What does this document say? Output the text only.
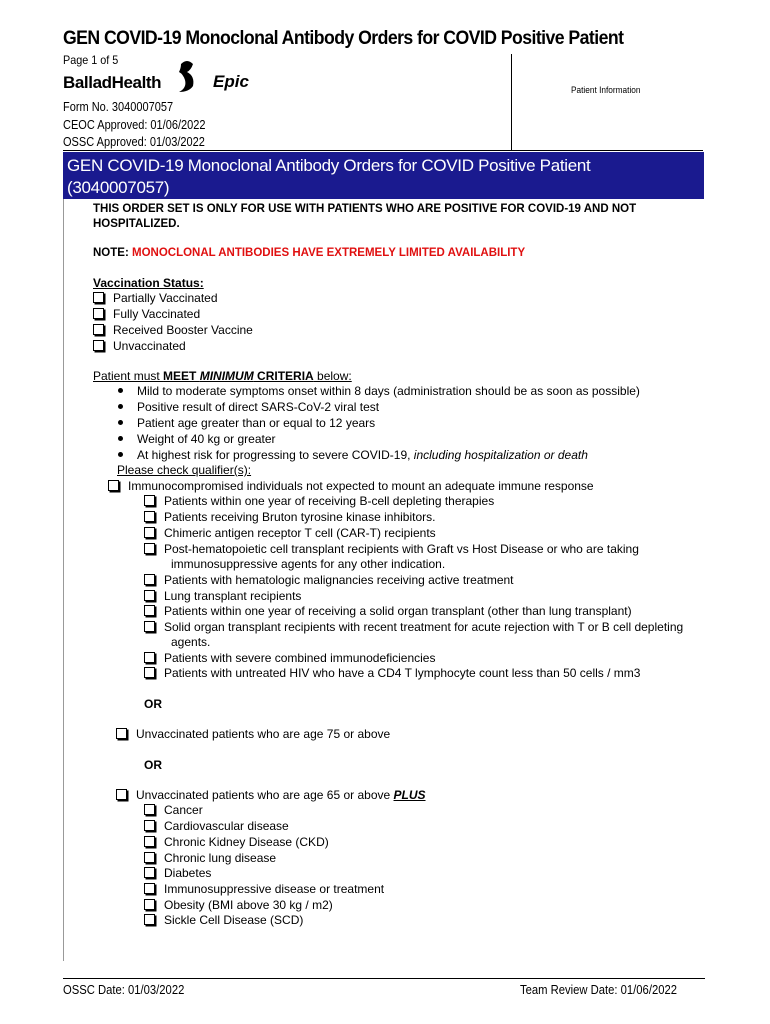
GEN COVID-19 Monoclonal Antibody Orders for COVID Positive Patient
Page 1 of 5
BalladHealth	Epic	Patient Information
Form No. 3040007057
CEOC Approved: 01/06/2022
OSSC Approved: 01/03/2022
GEN COVID-19 Monoclonal Antibody Orders for COVID Positive Patient
(3040007057)
THIS ORDER SET IS ONLY FOR USE WITH PATIENTS WHO ARE POSITIVE FOR COVID-19 AND NOT
HOSPITALIZED.
NOTE: MONOCLONAL ANTIBODIES HAVE EXTREMELY LIMITED AVAILABILITY
Vaccination Status:
Partially Vaccinated
Fully Vaccinated
Received Booster Vaccine
Unvaccinated
Patient must MEET MINIMUM CRITERIA below:
Mild to moderate symptoms onset within 8 days (administration should be as soon as possible)
Positive result of direct SARS-CoV-2 viral test
Patient age greater than or equal to 12 years
Weight of 40 kg or greater
At highest risk for progressing to severe COVID-19, including hospitalization or death
Please check qualifier(s):
Immunocompromised individuals not expected to mount an adequate immune response
Patients within one year of receiving B-cell depleting therapies
Patients receiving Bruton tyrosine kinase inhibitors.
Chimeric antigen receptor T cell (CAR-T) recipients
Post-hematopoietic cell transplant recipients with Graft vs Host Disease or who are taking
immunosuppressive agents for any other indication.
Patients with hematologic malignancies receiving active treatment
Lung transplant recipients
Patients within one year of receiving a solid organ transplant (other than lung transplant)
Solid organ transplant recipients with recent treatment for acute rejection with T or B cell depleting
agents.
Patients with severe combined immunodeficiencies
Patients with untreated HIV who have a CD4 T lymphocyte count less than 50 cells / mm3
OR
Unvaccinated patients who are age 75 or above
OR
Unvaccinated patients who are age 65 or above PLUS
Cancer
Cardiovascular disease
Chronic Kidney Disease (CKD)
Chronic lung disease
Diabetes
Immunosuppressive disease or treatment
Obesity (BMI above 30 kg / m2)
Sickle Cell Disease (SCD)
OSSC Date: 01/03/2022	Team Review Date: 01/06/2022
